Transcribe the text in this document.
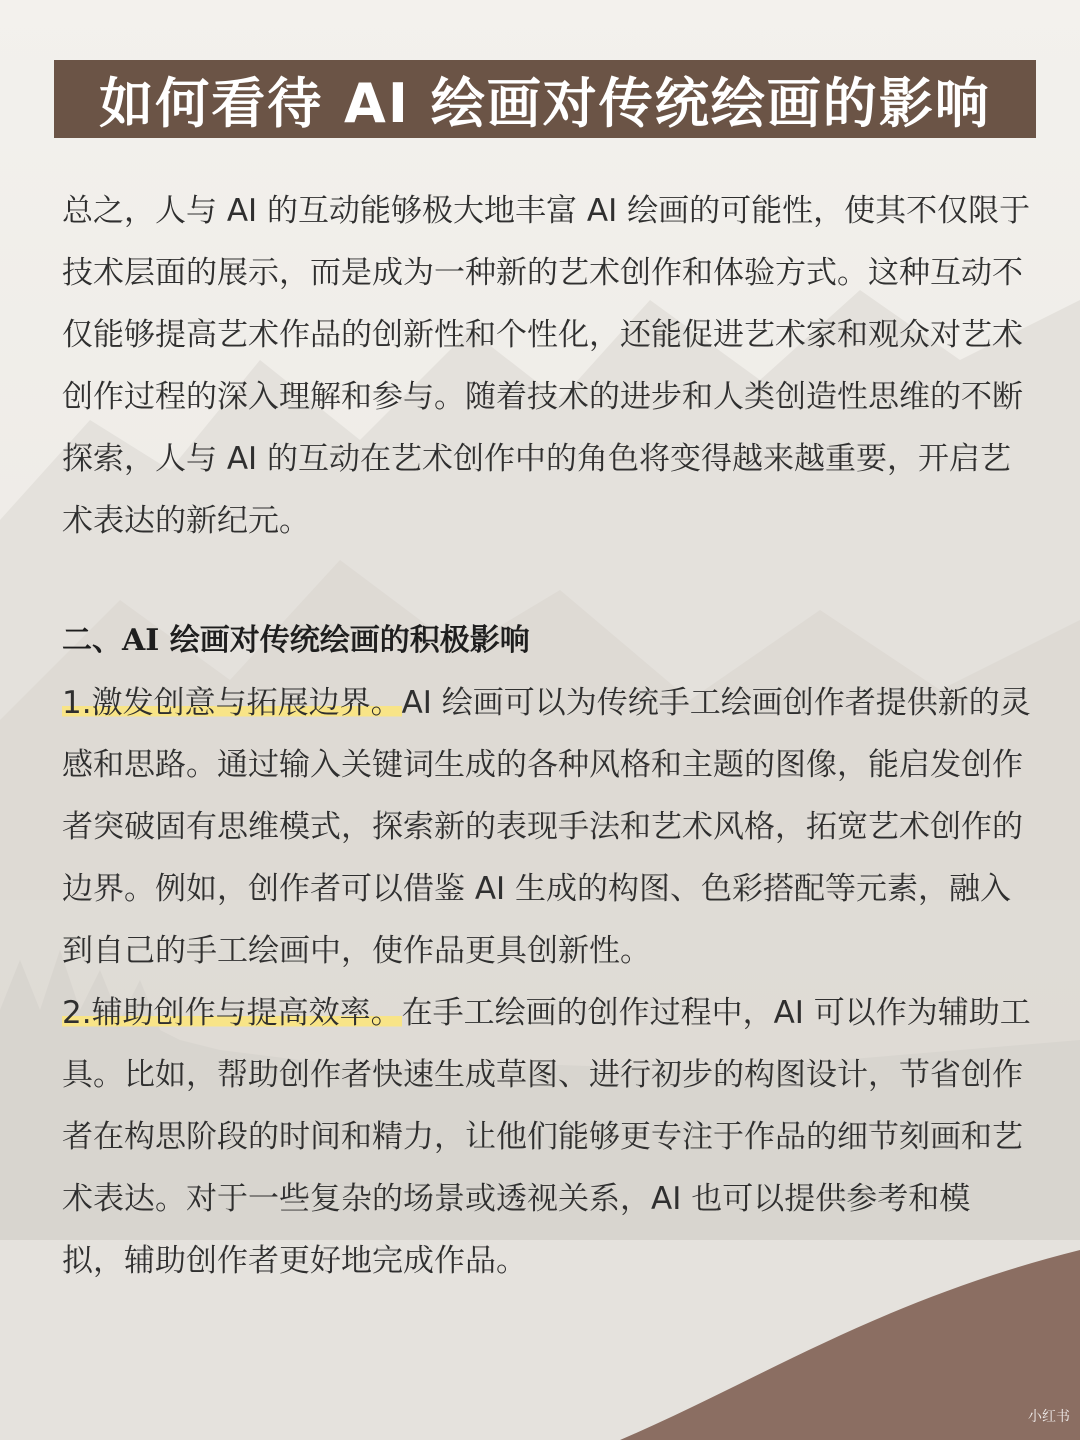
如何看待 AI 绘画对传统绘画的影响

总之，人与 AI 的互动能够极大地丰富 AI 绘画的可能性，使其不仅限于技术层面的展示，而是成为一种新的艺术创作和体验方式。这种互动不仅能够提高艺术作品的创新性和个性化，还能促进艺术家和观众对艺术创作过程的深入理解和参与。随着技术的进步和人类创造性思维的不断探索，人与 AI 的互动在艺术创作中的角色将变得越来越重要，开启艺术表达的新纪元。

二、AI 绘画对传统绘画的积极影响

1.激发创意与拓展边界。AI 绘画可以为传统手工绘画创作者提供新的灵感和思路。通过输入关键词生成的各种风格和主题的图像，能启发创作者突破固有思维模式，探索新的表现手法和艺术风格，拓宽艺术创作的边界。例如，创作者可以借鉴 AI 生成的构图、色彩搭配等元素，融入到自己的手工绘画中，使作品更具创新性。

2.辅助创作与提高效率。在手工绘画的创作过程中，AI 可以作为辅助工具。比如，帮助创作者快速生成草图、进行初步的构图设计，节省创作者在构思阶段的时间和精力，让他们能够更专注于作品的细节刻画和艺术表达。对于一些复杂的场景或透视关系，AI 也可以提供参考和模拟，辅助创作者更好地完成作品。

小红书
